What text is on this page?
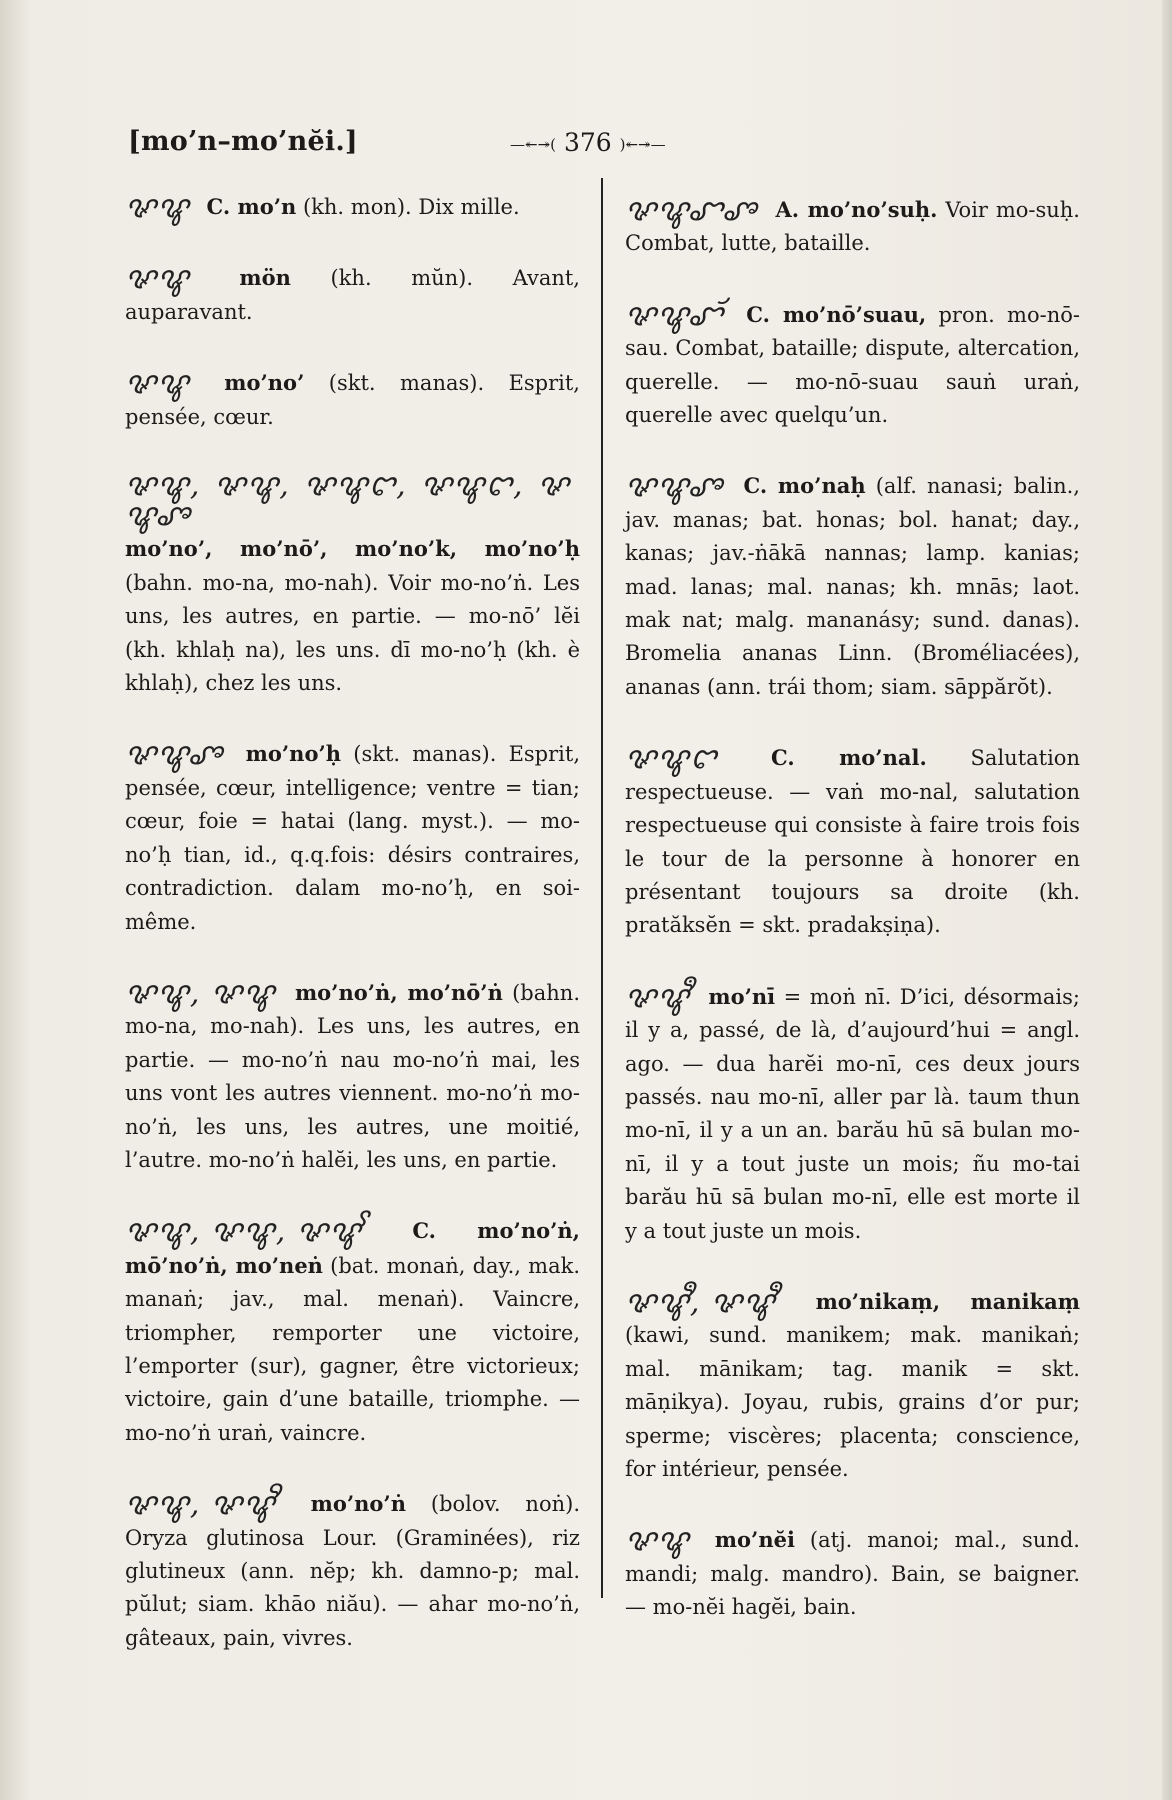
[mo’n–mo’nĕi.]	—↞↠( 376 )↞↠—

ꨟꨥ C. mo’n (kh. mon). Dix mille.

ꨟꨥ mön (kh. mŭn). Avant, auparavant.

ꨟꨥ mo’no’ (skt. manas). Esprit, pensée, cœur.

ꨟꨥ, ꨟꨥ, ꨟꨥꨤ, ꨟꨥꨤ, ꨟꨥꨨ mo’no’, mo’nō’, mo’no’k, mo’no’ḥ (bahn. mo-na, mo-nah). Voir mo-no’ṅ. Les uns, les autres, en partie. — mo-nō’ lĕi (kh. khlaḥ na), les uns. dī mo-no’ḥ (kh. è khlaḥ), chez les uns.

ꨟꨥꨨ mo’no’ḥ (skt. manas). Esprit, pensée, cœur, intelligence; ventre = tian; cœur, foie = hatai (lang. myst.). — mo-no’ḥ tian, id., q.q.fois: désirs contraires, contradiction. dalam mo-no’ḥ, en soi-même.

ꨟꨥ, ꨟꨥ mo’no’ṅ, mo’nō’ṅ (bahn. mo-na, mo-nah). Les uns, les autres, en partie. — mo-no’ṅ nau mo-no’ṅ mai, les uns vont les autres viennent. mo-no’ṅ mo-no’ṅ, les uns, les autres, une moitié, l’autre. mo-no’ṅ halĕi, les uns, en partie.

ꨟꨥ, ꨟꨥ, ꨟꨥꨩ C. mo’no’ṅ, mō’no’ṅ, mo’neṅ (bat. monaṅ, day., mak. manaṅ; jav., mal. menaṅ). Vaincre, triompher, remporter une victoire, l’emporter (sur), gagner, être victorieux; victoire, gain d’une bataille, triomphe. — mo-no’ṅ uraṅ, vaincre.

ꨟꨥ, ꨟꨥꨪ mo’no’ṅ (bolov. noṅ). Oryza glutinosa Lour. (Graminées), riz glutineux (ann. nĕp; kh. damno-p; mal. pŭlut; siam. khāo niău). — ahar mo-no’ṅ, gâteaux, pain, vivres.

ꨟꨥꨧꨨ A. mo’no’suḥ. Voir mo-suḥ. Combat, lutte, bataille.

ꨟꨥꨧꨮ C. mo’nō’suau, pron. mo-nō-sau. Combat, bataille; dispute, altercation, querelle. — mo-nō-suau sauṅ uraṅ, querelle avec quelqu’un.

ꨟꨥꨨ C. mo’naḥ (alf. nanasi; balin., jav. manas; bat. honas; bol. hanat; day., kanas; jav.-ṅākā nannas; lamp. kanias; mad. lanas; mal. nanas; kh. mnās; laot. mak nat; malg. mananásy; sund. danas). Bromelia ananas Linn. (Broméliacées), ananas (ann. trái thom; siam. sāppărŏt).

ꨟꨥꨤ	C. mo’nal. Salutation respectueuse. — vaṅ mo-nal, salutation respectueuse qui consiste à faire trois fois le tour de la personne à honorer en présentant toujours sa droite (kh. pratăksĕn = skt. pradakṣiṇa).

ꨟꨥꨫ mo’nī = moṅ nī. D’ici, désormais; il y a, passé, de là, d’aujourd’hui = angl. ago. — dua harĕi mo-nī, ces deux jours passés. nau mo-nī, aller par là. taum thun mo-nī, il y a un an. barău hū sā bulan mo-nī, il y a tout juste un mois; ñu mo-tai barău hū sā bulan mo-nī, elle est morte il y a tout juste un mois.

ꨟꨥꨫ, ꨟꨥꨫ mo’nikaṃ, manikaṃ (kawi, sund. manikem; mak. manikaṅ; mal. mānikam; tag. manik = skt. māṇikya). Joyau, rubis, grains d’or pur; sperme; viscères; placenta; conscience, for intérieur, pensée.

ꨟꨥ mo’nĕi (atj. manoi; mal., sund. mandi; malg. mandro). Bain, se baigner. — mo-nĕi hagĕi, bain.
